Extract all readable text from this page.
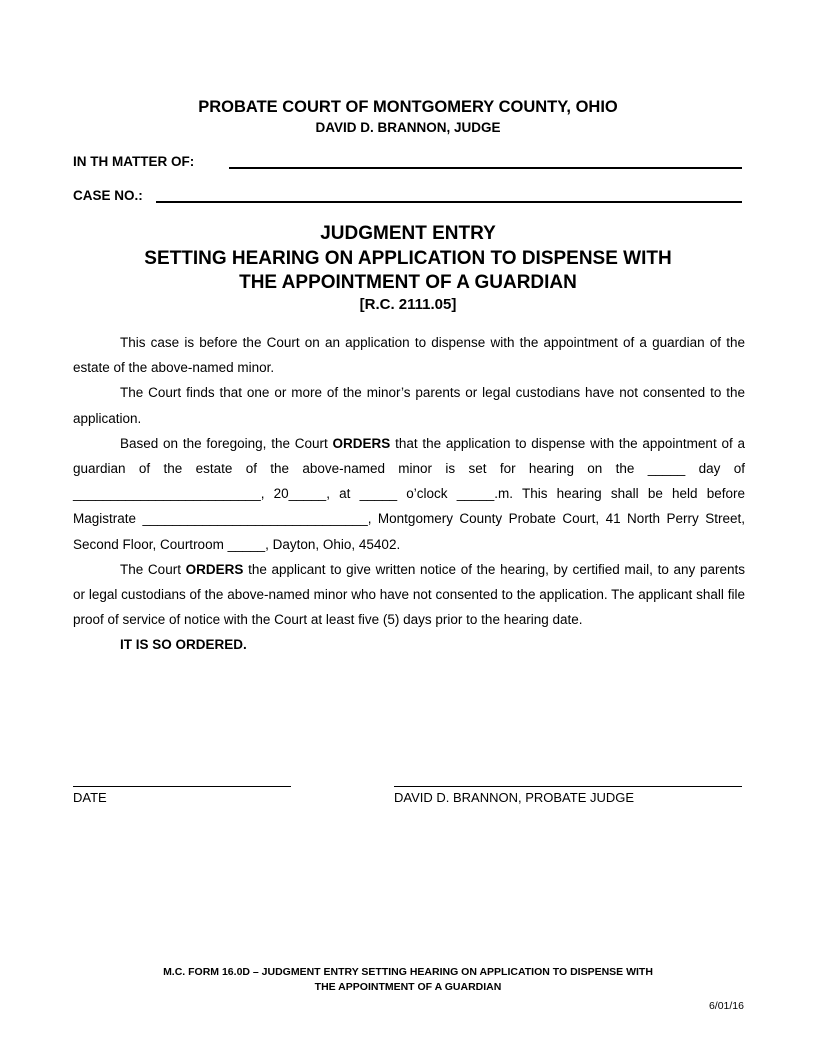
PROBATE COURT OF MONTGOMERY COUNTY, OHIO
DAVID D. BRANNON, JUDGE
IN TH MATTER OF:
CASE NO.:
JUDGMENT ENTRY
SETTING HEARING ON APPLICATION TO DISPENSE WITH
THE APPOINTMENT OF A GUARDIAN
[R.C. 2111.05]

This case is before the Court on an application to dispense with the appointment of a guardian of the estate of the above-named minor.

The Court finds that one or more of the minor’s parents or legal custodians have not consented to the application.

Based on the foregoing, the Court ORDERS that the application to dispense with the appointment of a guardian of the estate of the above-named minor is set for hearing on the _____ day of _________________________, 20_____, at _____ o’clock _____.m. This hearing shall be held before Magistrate ______________________________, Montgomery County Probate Court, 41 North Perry Street, Second Floor, Courtroom _____, Dayton, Ohio, 45402.

The Court ORDERS the applicant to give written notice of the hearing, by certified mail, to any parents or legal custodians of the above-named minor who have not consented to the application. The applicant shall file proof of service of notice with the Court at least five (5) days prior to the hearing date.

IT IS SO ORDERED.
DATE	DAVID D. BRANNON, PROBATE JUDGE
M.C. FORM 16.0D – JUDGMENT ENTRY SETTING HEARING ON APPLICATION TO DISPENSE WITH
THE APPOINTMENT OF A GUARDIAN
6/01/16
